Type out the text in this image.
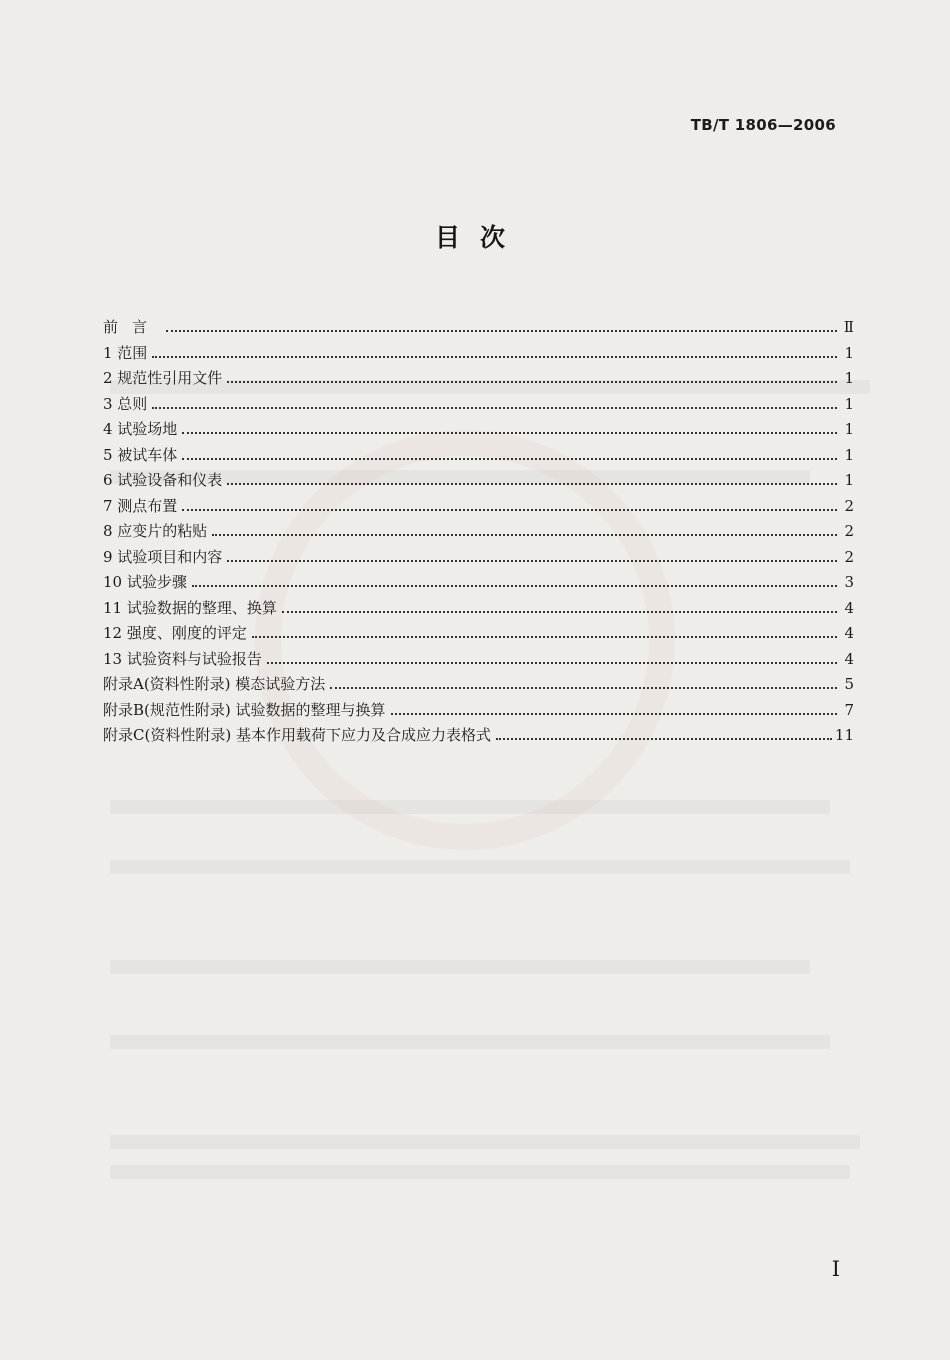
TB/T 1806—2006
目次
前言	Ⅱ
1 范围	1
2 规范性引用文件	1
3 总则	1
4 试验场地	1
5 被试车体	1
6 试验设备和仪表	1
7 测点布置	2
8 应变片的粘贴	2
9 试验项目和内容	2
10 试验步骤	3
11 试验数据的整理、换算	4
12 强度、刚度的评定	4
13 试验资料与试验报告	4
附录A(资料性附录) 模态试验方法	5
附录B(规范性附录) 试验数据的整理与换算	7
附录C(资料性附录) 基本作用载荷下应力及合成应力表格式	11
I
